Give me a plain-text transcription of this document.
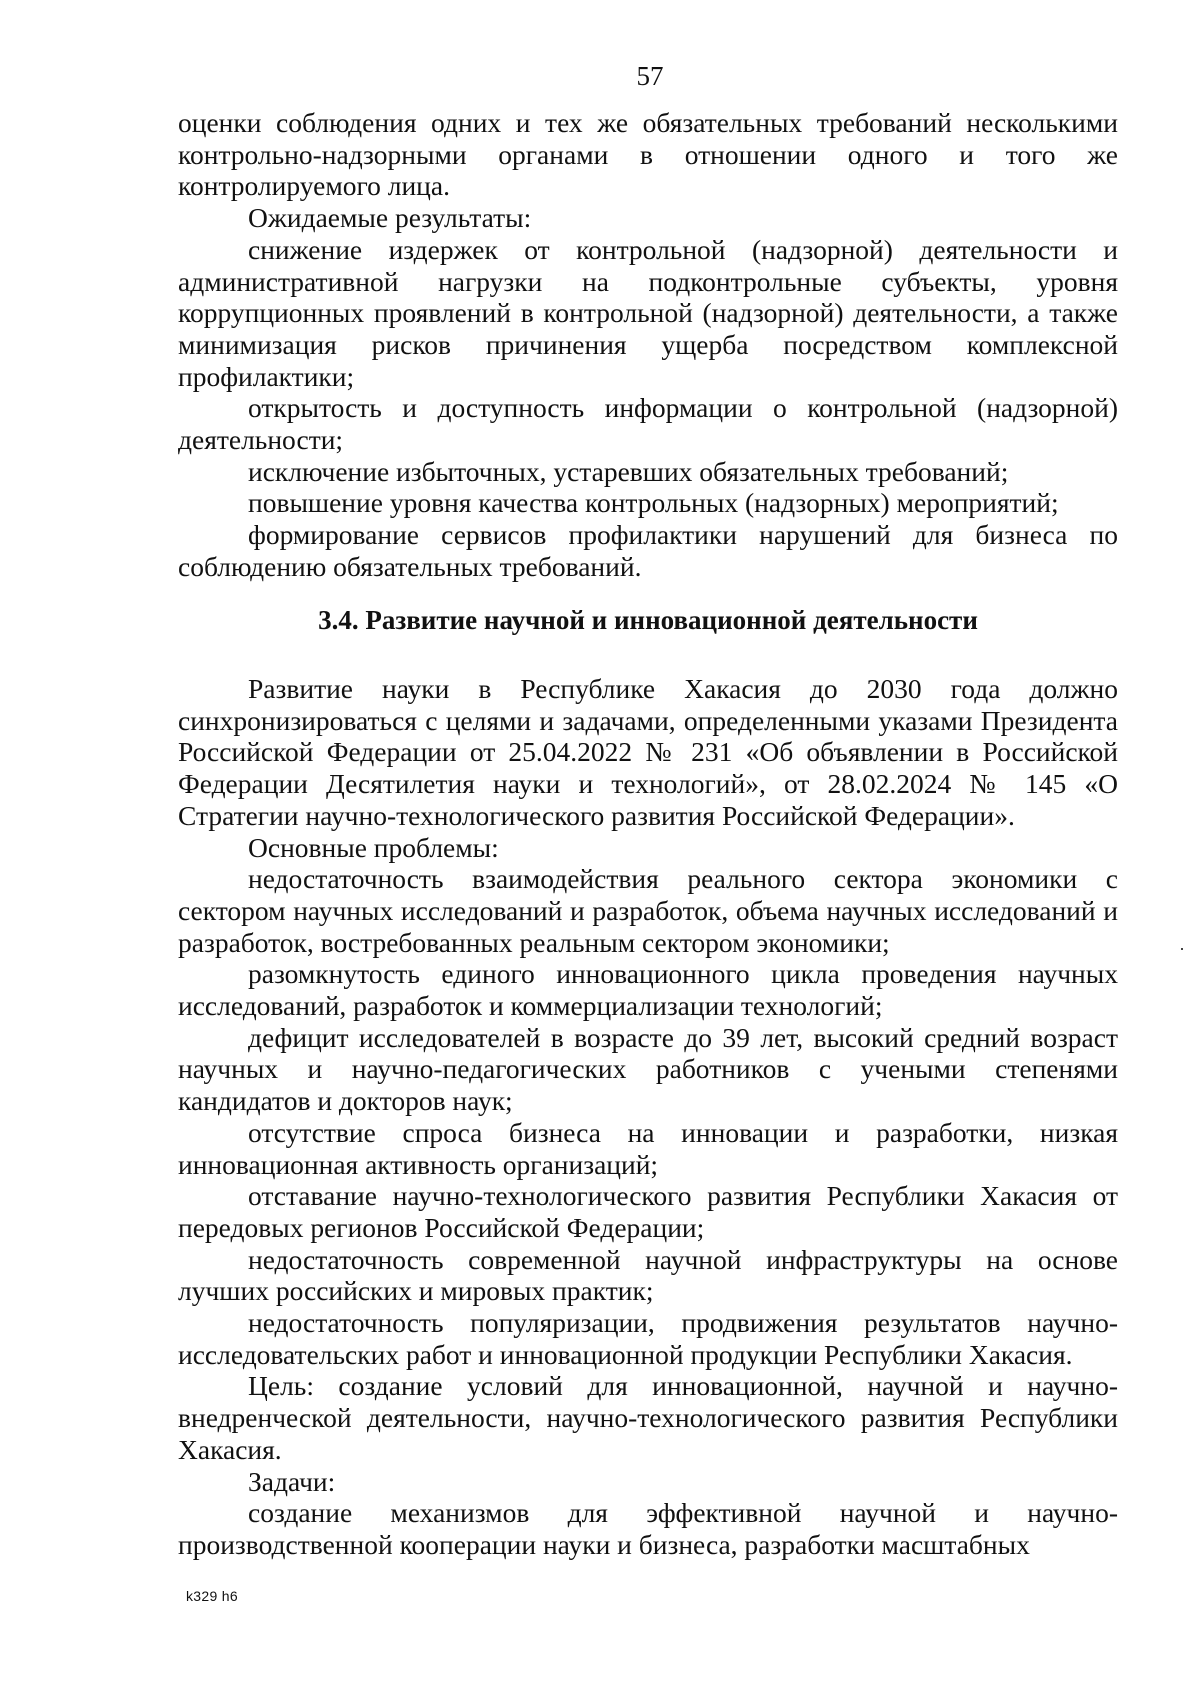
57

оценки соблюдения одних и тех же обязательных требований несколькими контрольно-надзорными органами в отношении одного и того же контролируемого лица.

Ожидаемые результаты:

снижение издержек от контрольной (надзорной) деятельности и административной нагрузки на подконтрольные субъекты, уровня коррупционных проявлений в контрольной (надзорной) деятельности, а также минимизация рисков причинения ущерба посредством комплексной профилактики;

открытость и доступность информации о контрольной (надзорной) деятельности;

исключение избыточных, устаревших обязательных требований;

повышение уровня качества контрольных (надзорных) мероприятий;

формирование сервисов профилактики нарушений для бизнеса по соблюдению обязательных требований.

3.4. Развитие научной и инновационной деятельности

Развитие науки в Республике Хакасия до 2030 года должно синхронизироваться с целями и задачами, определенными указами Президента Российской Федерации от 25.04.2022 № 231 «Об объявлении в Российской Федерации Десятилетия науки и технологий», от 28.02.2024 № 145 «О Стратегии научно-технологического развития Российской Федерации».

Основные проблемы:

недостаточность взаимодействия реального сектора экономики с сектором научных исследований и разработок, объема научных исследований и разработок, востребованных реальным сектором экономики;

разомкнутость единого инновационного цикла проведения научных исследований, разработок и коммерциализации технологий;

дефицит исследователей в возрасте до 39 лет, высокий средний возраст научных и научно-педагогических работников с учеными степенями кандидатов и докторов наук;

отсутствие спроса бизнеса на инновации и разработки, низкая инновационная активность организаций;

отставание научно-технологического развития Республики Хакасия от передовых регионов Российской Федерации;

недостаточность современной научной инфраструктуры на основе лучших российских и мировых практик;

недостаточность популяризации, продвижения результатов научно-исследовательских работ и инновационной продукции Республики Хакасия.

Цель: создание условий для инновационной, научной и научно-внедренческой деятельности, научно-технологического развития Республики Хакасия.

Задачи:

создание механизмов для эффективной научной и научно-производственной кооперации науки и бизнеса, разработки масштабных

k329 h6
